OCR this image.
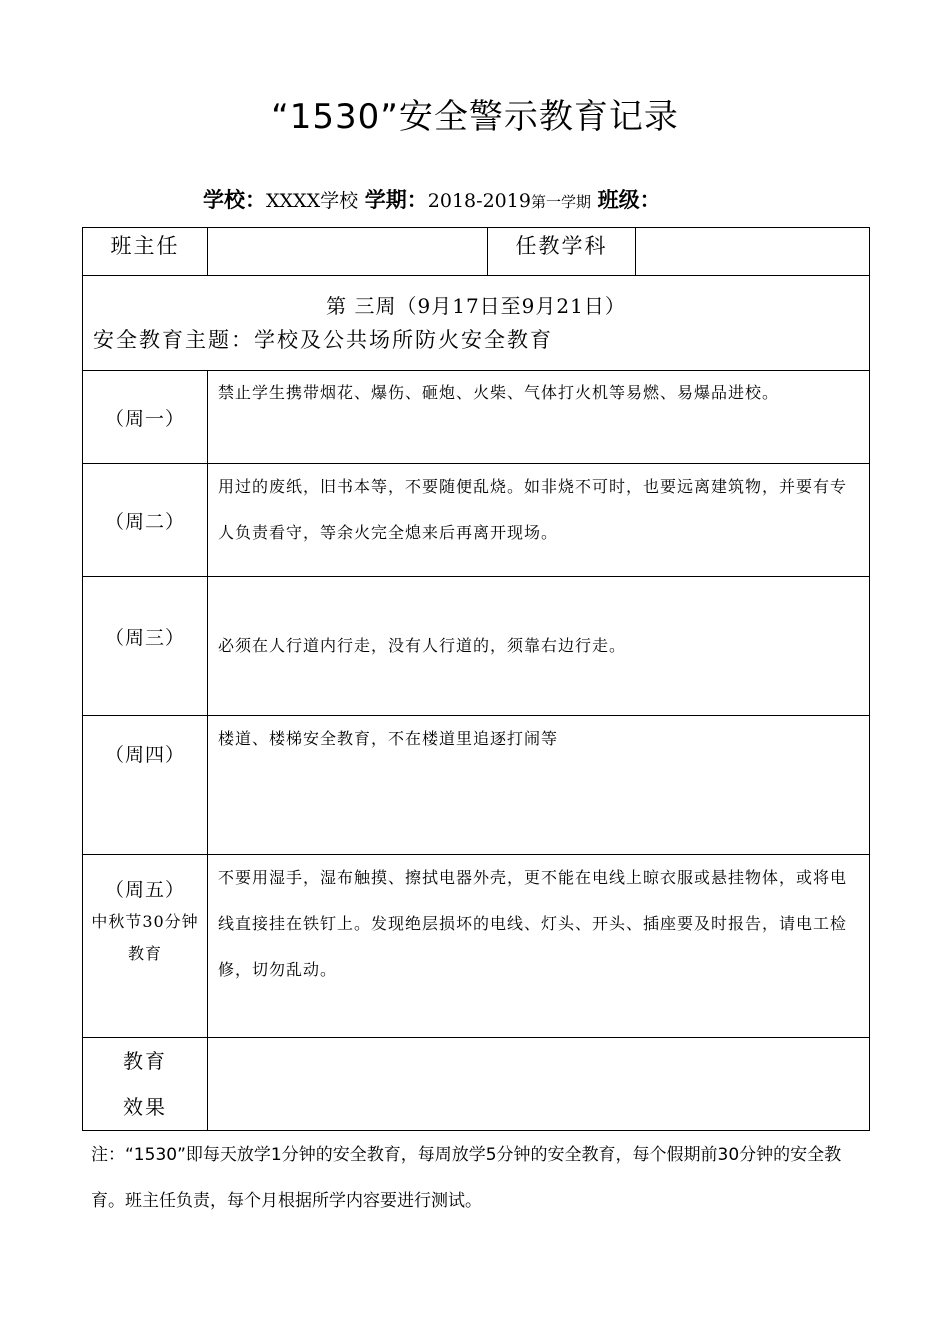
“1530”安全警示教育记录
学校：XXXX学校 学期：2018-2019第一学期 班级：
班主任		任教学科	

第 三周（9月17日至9月21日）
安全教育主题：学校及公共场所防火安全教育			

（周一）	禁止学生携带烟花、爆伤、砸炮、火柴、气体打火机等易燃、易爆品进校。		
（周二）	用过的废纸，旧书本等，不要随便乱烧。如非烧不可时，也要远离建筑物，并要有专人负责看守，等余火完全熄来后再离开现场。		
（周三）	必须在人行道内行走，没有人行道的，须靠右边行走。		
（周四）	楼道、楼梯安全教育，不在楼道里追逐打闹等		
（周五）
中秋节30分钟教育	不要用湿手，湿布触摸、擦拭电器外壳，更不能在电线上晾衣服或悬挂物体，或将电线直接挂在铁钉上。发现绝层损坏的电线、灯头、开头、插座要及时报告，请电工检修，切勿乱动。		
教育效果			
注：“1530”即每天放学1分钟的安全教育，每周放学5分钟的安全教育，每个假期前30分钟的安全教育。班主任负责，每个月根据所学内容要进行测试。
